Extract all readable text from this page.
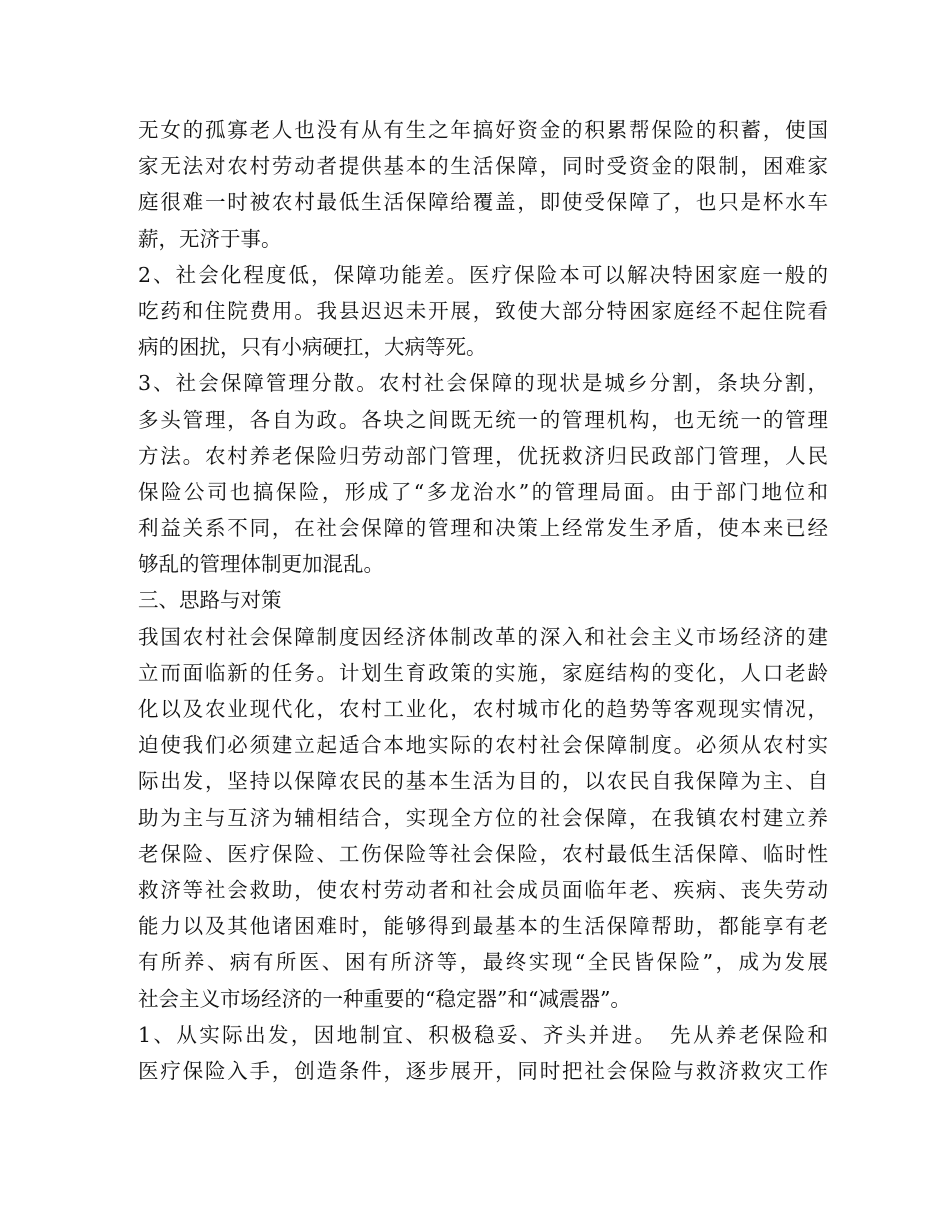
无女的孤寡老人也没有从有生之年搞好资金的积累帮保险的积蓄，使国
家无法对农村劳动者提供基本的生活保障，同时受资金的限制，困难家
庭很难一时被农村最低生活保障给覆盖，即使受保障了，也只是杯水车
薪，无济于事。
2、社会化程度低，保障功能差。医疗保险本可以解决特困家庭一般的
吃药和住院费用。我县迟迟未开展，致使大部分特困家庭经不起住院看
病的困扰，只有小病硬扛，大病等死。
3、社会保障管理分散。农村社会保障的现状是城乡分割，条块分割，
多头管理，各自为政。各块之间既无统一的管理机构，也无统一的管理
方法。农村养老保险归劳动部门管理，优抚救济归民政部门管理，人民
保险公司也搞保险，形成了“多龙治水”的管理局面。由于部门地位和
利益关系不同，在社会保障的管理和决策上经常发生矛盾，使本来已经
够乱的管理体制更加混乱。
三、思路与对策
我国农村社会保障制度因经济体制改革的深入和社会主义市场经济的建
立而面临新的任务。计划生育政策的实施，家庭结构的变化，人口老龄
化以及农业现代化，农村工业化，农村城市化的趋势等客观现实情况，
迫使我们必须建立起适合本地实际的农村社会保障制度。必须从农村实
际出发，坚持以保障农民的基本生活为目的，以农民自我保障为主、自
助为主与互济为辅相结合，实现全方位的社会保障，在我镇农村建立养
老保险、医疗保险、工伤保险等社会保险，农村最低生活保障、临时性
救济等社会救助，使农村劳动者和社会成员面临年老、疾病、丧失劳动
能力以及其他诸困难时，能够得到最基本的生活保障帮助，都能享有老
有所养、病有所医、困有所济等，最终实现“全民皆保险”，成为发展
社会主义市场经济的一种重要的“稳定器”和“减震器”。
1、从实际出发，因地制宜、积极稳妥、齐头并进。　先从养老保险和
医疗保险入手，创造条件，逐步展开，同时把社会保险与救济救灾工作
